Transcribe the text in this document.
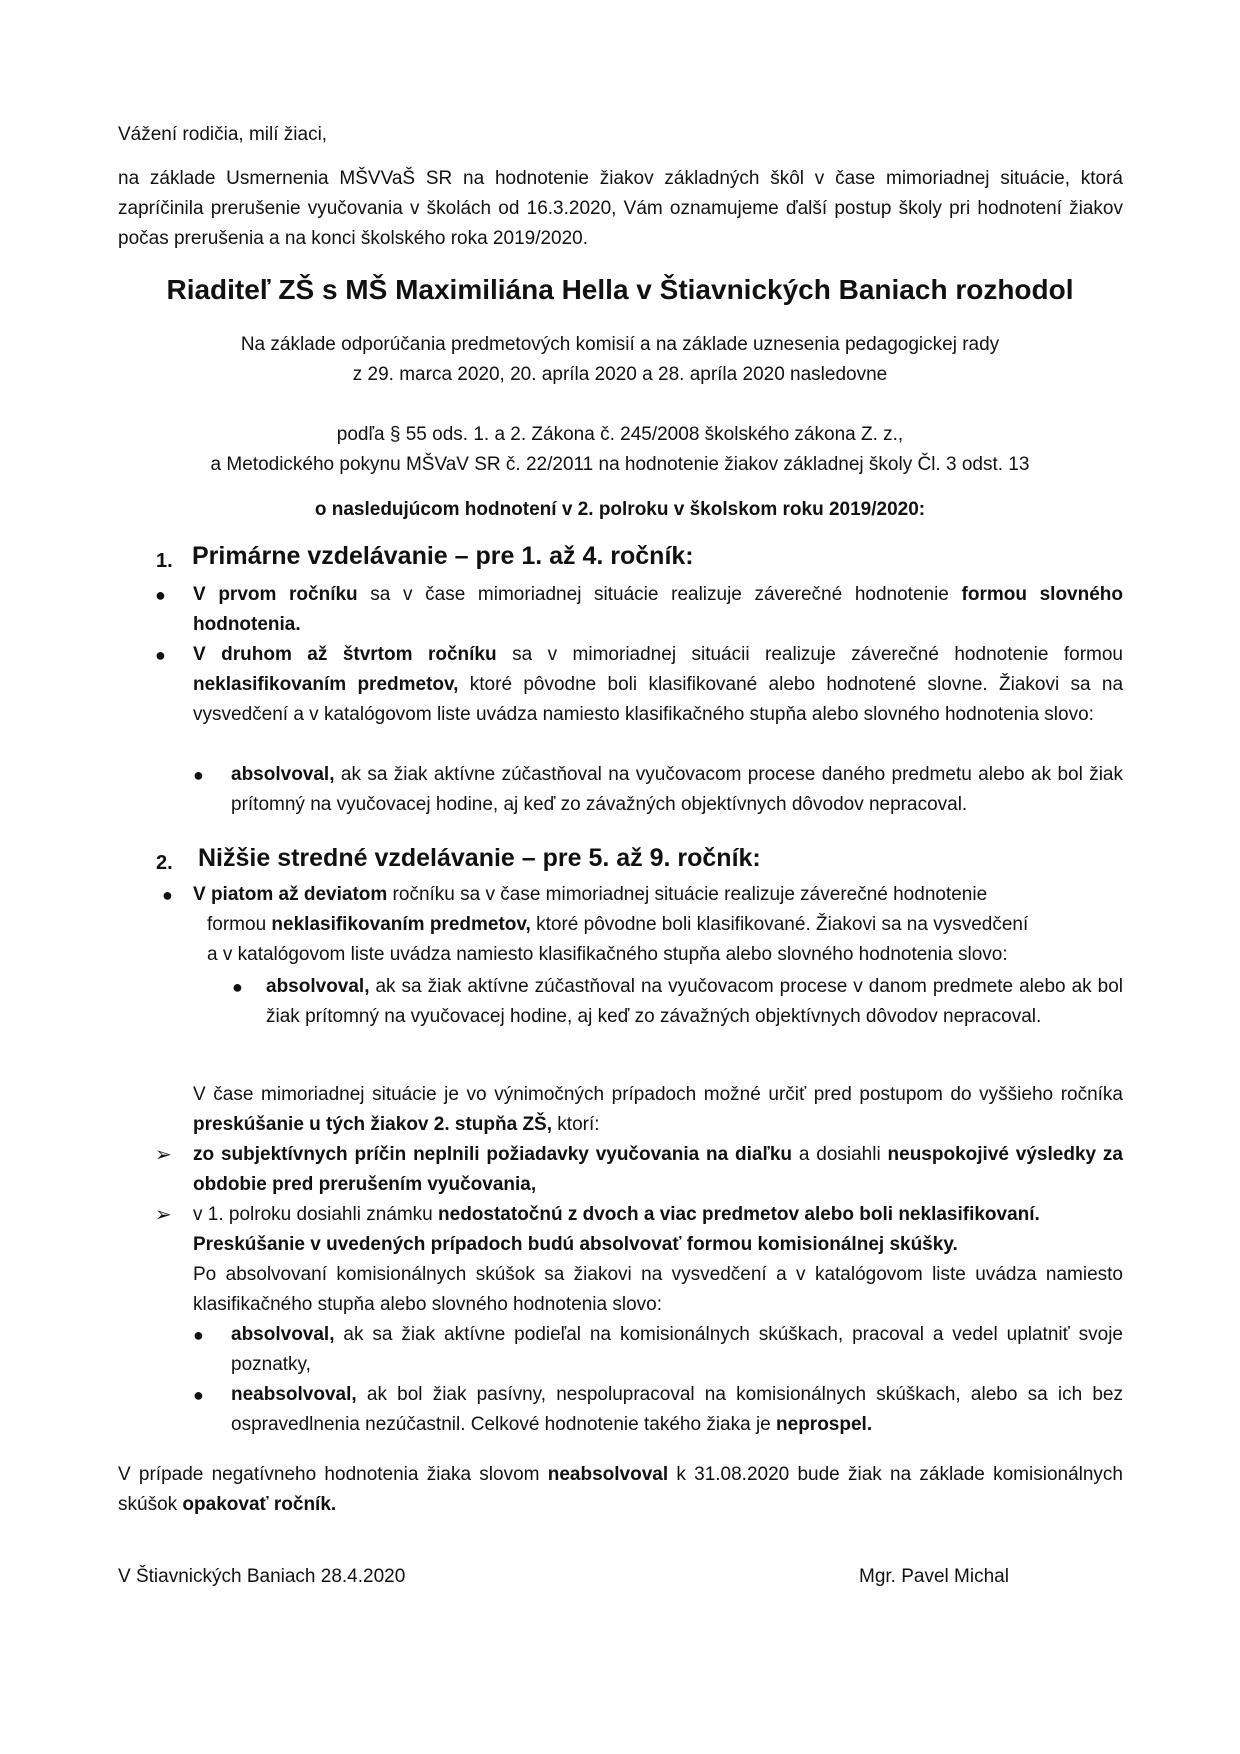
Vážení rodičia, milí žiaci,
na základe Usmernenia MŠVVaŠ SR na hodnotenie žiakov základných škôl v čase mimoriadnej situácie, ktorá zapríčinila prerušenie vyučovania v školách od 16.3.2020, Vám oznamujeme ďalší postup školy pri hodnotení žiakov počas prerušenia a na konci školského roka 2019/2020.
Riaditeľ ZŠ s MŠ Maximiliána Hella v Štiavnických Baniach rozhodol
Na základe odporúčania predmetových komisií a na základe uznesenia pedagogickej rady
z 29. marca 2020, 20. apríla 2020 a 28. apríla 2020 nasledovne
podľa § 55 ods. 1. a 2. Zákona č. 245/2008 školského zákona Z. z.,
a Metodického pokynu MŠVaV SR č. 22/2011 na hodnotenie žiakov základnej školy Čl. 3 odst. 13
o nasledujúcom hodnotení v 2. polroku v školskom roku 2019/2020:
1. Primárne vzdelávanie – pre 1. až 4. ročník:
● V prvom ročníku sa v čase mimoriadnej situácie realizuje záverečné hodnotenie formou slovného hodnotenia.
● V druhom až štvrtom ročníku sa v mimoriadnej situácii realizuje záverečné hodnotenie formou neklasifikovaním predmetov, ktoré pôvodne boli klasifikované alebo hodnotené slovne. Žiakovi sa na vysvedčení a v katalógovom liste uvádza namiesto klasifikačného stupňa alebo slovného hodnotenia slovo:
● absolvoval, ak sa žiak aktívne zúčastňoval na vyučovacom procese daného predmetu alebo ak bol žiak prítomný na vyučovacej hodine, aj keď zo závažných objektívnych dôvodov nepracoval.
2. Nižšie stredné vzdelávanie – pre 5. až 9. ročník:
● V piatom až deviatom ročníku sa v čase mimoriadnej situácie realizuje záverečné hodnotenie
formou neklasifikovaním predmetov, ktoré pôvodne boli klasifikované. Žiakovi sa na vysvedčení
a v katalógovom liste uvádza namiesto klasifikačného stupňa alebo slovného hodnotenia slovo:
● absolvoval, ak sa žiak aktívne zúčastňoval na vyučovacom procese v danom predmete alebo ak bol žiak prítomný na vyučovacej hodine, aj keď zo závažných objektívnych dôvodov nepracoval.
V čase mimoriadnej situácie je vo výnimočných prípadoch možné určiť pred postupom do vyššieho ročníka preskúšanie u tých žiakov 2. stupňa ZŠ, ktorí:
➢ zo subjektívnych príčin neplnili požiadavky vyučovania na diaľku a dosiahli neuspokojivé výsledky za obdobie pred prerušením vyučovania,
➢ v 1. polroku dosiahli známku nedostatočnú z dvoch a viac predmetov alebo boli neklasifikovaní.
Preskúšanie v uvedených prípadoch budú absolvovať formou komisionálnej skúšky.
Po absolvovaní komisionálnych skúšok sa žiakovi na vysvedčení a v katalógovom liste uvádza namiesto klasifikačného stupňa alebo slovného hodnotenia slovo:
● absolvoval, ak sa žiak aktívne podieľal na komisionálnych skúškach, pracoval a vedel uplatniť svoje poznatky,
● neabsolvoval, ak bol žiak pasívny, nespolupracoval na komisionálnych skúškach, alebo sa ich bez ospravedlnenia nezúčastnil. Celkové hodnotenie takého žiaka je neprospel.
V prípade negatívneho hodnotenia žiaka slovom neabsolvoval k 31.08.2020 bude žiak na základe komisionálnych skúšok opakovať ročník.
V Štiavnických Baniach 28.4.2020	Mgr. Pavel Michal
